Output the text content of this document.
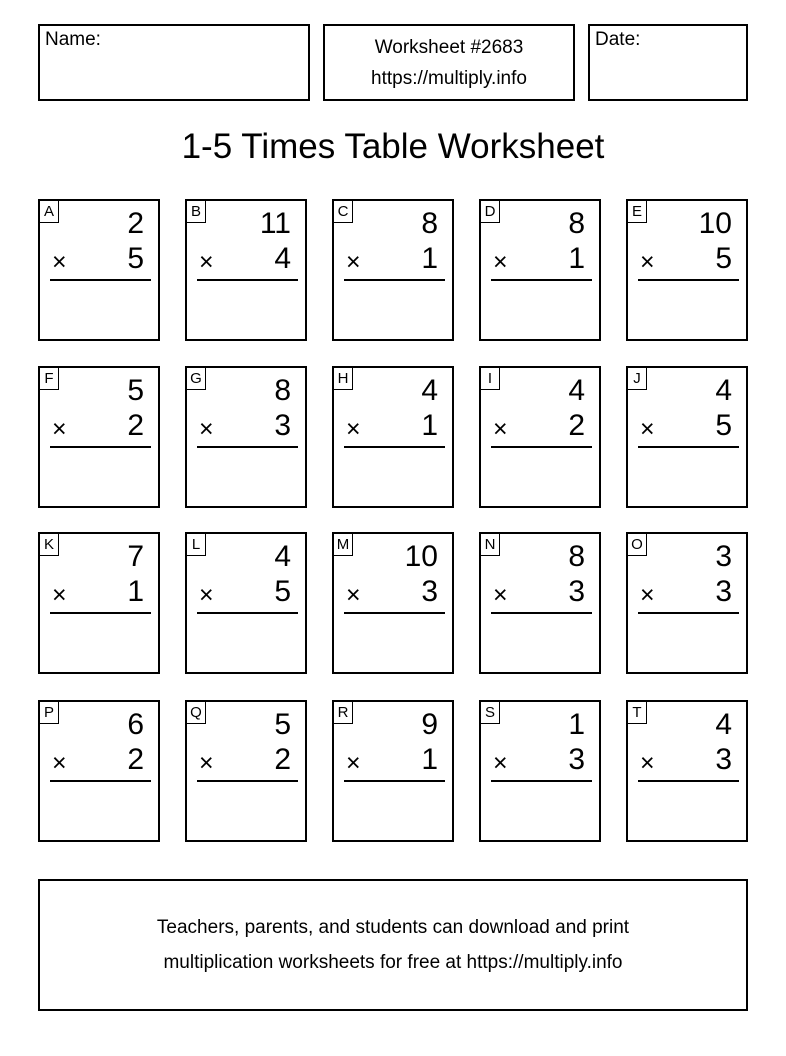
Name:	Worksheet #2683
https://multiply.info
Date:
1-5 Times Table Worksheet
A 2
× 5
B 11
× 4
C 8
× 1
D 8
× 1
E 10
× 5
F 5
× 2
G 8
× 3
H 4
× 1
I	4
× 2
J 4
× 5
K 7
× 1
L 4
× 5
M 10
× 3
N 8
× 3
O 3
× 3
P 6
× 2
Q 5
× 2
R 9
× 1
S 1
× 3
T 4
× 3
Teachers, parents, and students can download and print
multiplication worksheets for free at https://multiply.info
